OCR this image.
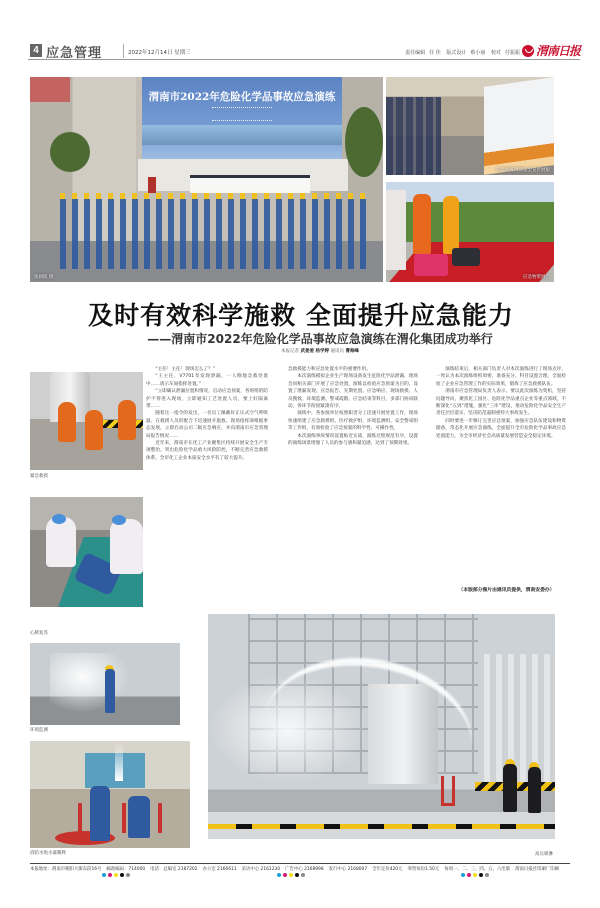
4 应急管理	2022年12月14日 星期三	责任编辑 任 佳 版式设计 蔡小丽 校对 付振振 渭南日报
渭南市2022年危险化学品事故应急演练
张朝阳 摄
应急演练现场安全宣传展板
应急物资展示
及时有效科学施救 全面提升应急能力
——渭南市2022年危险化学品事故应急演练在渭化集团成功举行
本报记者 武姜姜 杨学婷 通讯员 曹海峰
紧急救援
心肺复苏
环境监测
消防水炮水幕稀释

“主任！主任！现场怎么了？”

“王主任，V7701泵发现泄漏，一人倒地急救处置中……请示车间指挥处置。”

“立即确认泄漏位置和情况，启动应急预案，各班组的防护不得进入现场，立即通知工艺处置人员，要上好隔离带……

随着这一指令的发出，一名员工佩戴好正压式空气呼吸器，在救援人员的配合下迅速展开施救。现场指挥部根据事态发展，立即启动公司二级应急响应，并向渭南市应急管理局报告情况……

近年来，渭南市在化工产业聚集区持续开展安全生产专项整治，突出危险化学品重大风险防控，不断完善应急救援体系，全市化工企业本质安全水平有了较大提升。

急救援能力和应急处置水平的重要作用。

本次演练模拟企业生产现场设备发生危险化学品泄漏，现场会同相关部门开展了应急处置，演练以检验应急预案为目的，设置了泄漏发现、应急报告、先期处置、应急响应、现场救援、人员搜救、环境监测、警戒疏散、应急结束等科目，多部门协同联动，各环节衔接紧凑有序。

演练中，各参演单位按照职责分工迅速开展处置工作，现场快速组建了应急救援组、医疗救护组、环境监测组、安全警戒组等工作组，有效检验了应急预案的科学性、可操作性。

本次演练事故情况设置贴近实战，演练过程规范有序，设置的演练场景增强了人员的参与感和紧迫感，达到了预期效果。

演练结束后，相关部门负责人对本次演练进行了现场点评，一致认为本次演练组织周密、准备充分、科目设置合理，全面检验了企业应急管理工作的实际效果，锻炼了应急救援队伍。

渭南市应急管理局负责人表示，要以此次演练为契机，坚持问题导向，聚焦化工园区、危险化学品重点企业等重点领域，不断深化“五到”措施，强化“三库”建设，推动危险化学品安全生产责任层层落实，坚决防范遏制重特大事故发生。

同时要进一步修订完善应急预案，加强应急队伍建设和物资储备，常态化开展应急演练，全面提升全市危险化学品事故应急处置能力，为全市经济社会高质量发展营造安全稳定环境。

（本版部分图片由通讯员提供，渭南安委办）
高压喷淋
本报地址：渭南市朝阳大街东段16号 邮政编码：714000 电话：总编室 2187202 办公室 2166611 采访中心 2161230 广告中心 2168998 发行中心 2168007 全年定价420元 零售每份1.50元 每周一、二、三、四、五、六出版 渭南日报社印刷厂印刷
